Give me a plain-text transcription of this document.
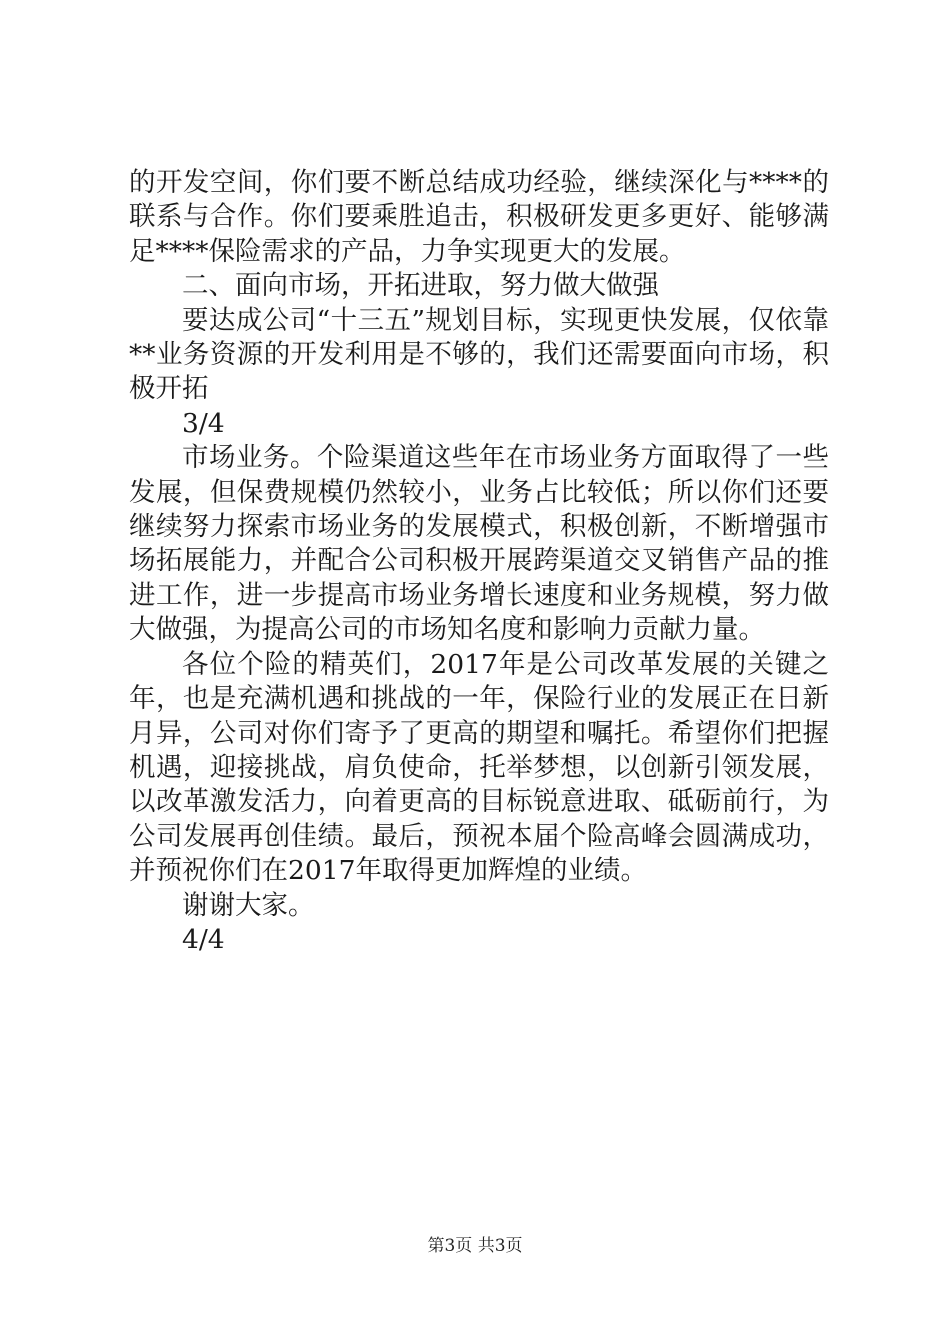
的开发空间，你们要不断总结成功经验，继续深化与****的联系与合作。你们要乘胜追击，积极研发更多更好、能够满足****保险需求的产品，力争实现更大的发展。

二、面向市场，开拓进取，努力做大做强

要达成公司“十三五”规划目标，实现更快发展，仅依靠**业务资源的开发利用是不够的，我们还需要面向市场，积极开拓

3/4

市场业务。个险渠道这些年在市场业务方面取得了一些发展，但保费规模仍然较小，业务占比较低；所以你们还要继续努力探索市场业务的发展模式，积极创新，不断增强市场拓展能力，并配合公司积极开展跨渠道交叉销售产品的推进工作，进一步提高市场业务增长速度和业务规模，努力做大做强，为提高公司的市场知名度和影响力贡献力量。

各位个险的精英们，2017年是公司改革发展的关键之年，也是充满机遇和挑战的一年，保险行业的发展正在日新月异，公司对你们寄予了更高的期望和嘱托。希望你们把握机遇，迎接挑战，肩负使命，托举梦想，以创新引领发展，以改革激发活力，向着更高的目标锐意进取、砥砺前行，为公司发展再创佳绩。最后，预祝本届个险高峰会圆满成功，并预祝你们在2017年取得更加辉煌的业绩。

谢谢大家。

4/4

第3页 共3页
